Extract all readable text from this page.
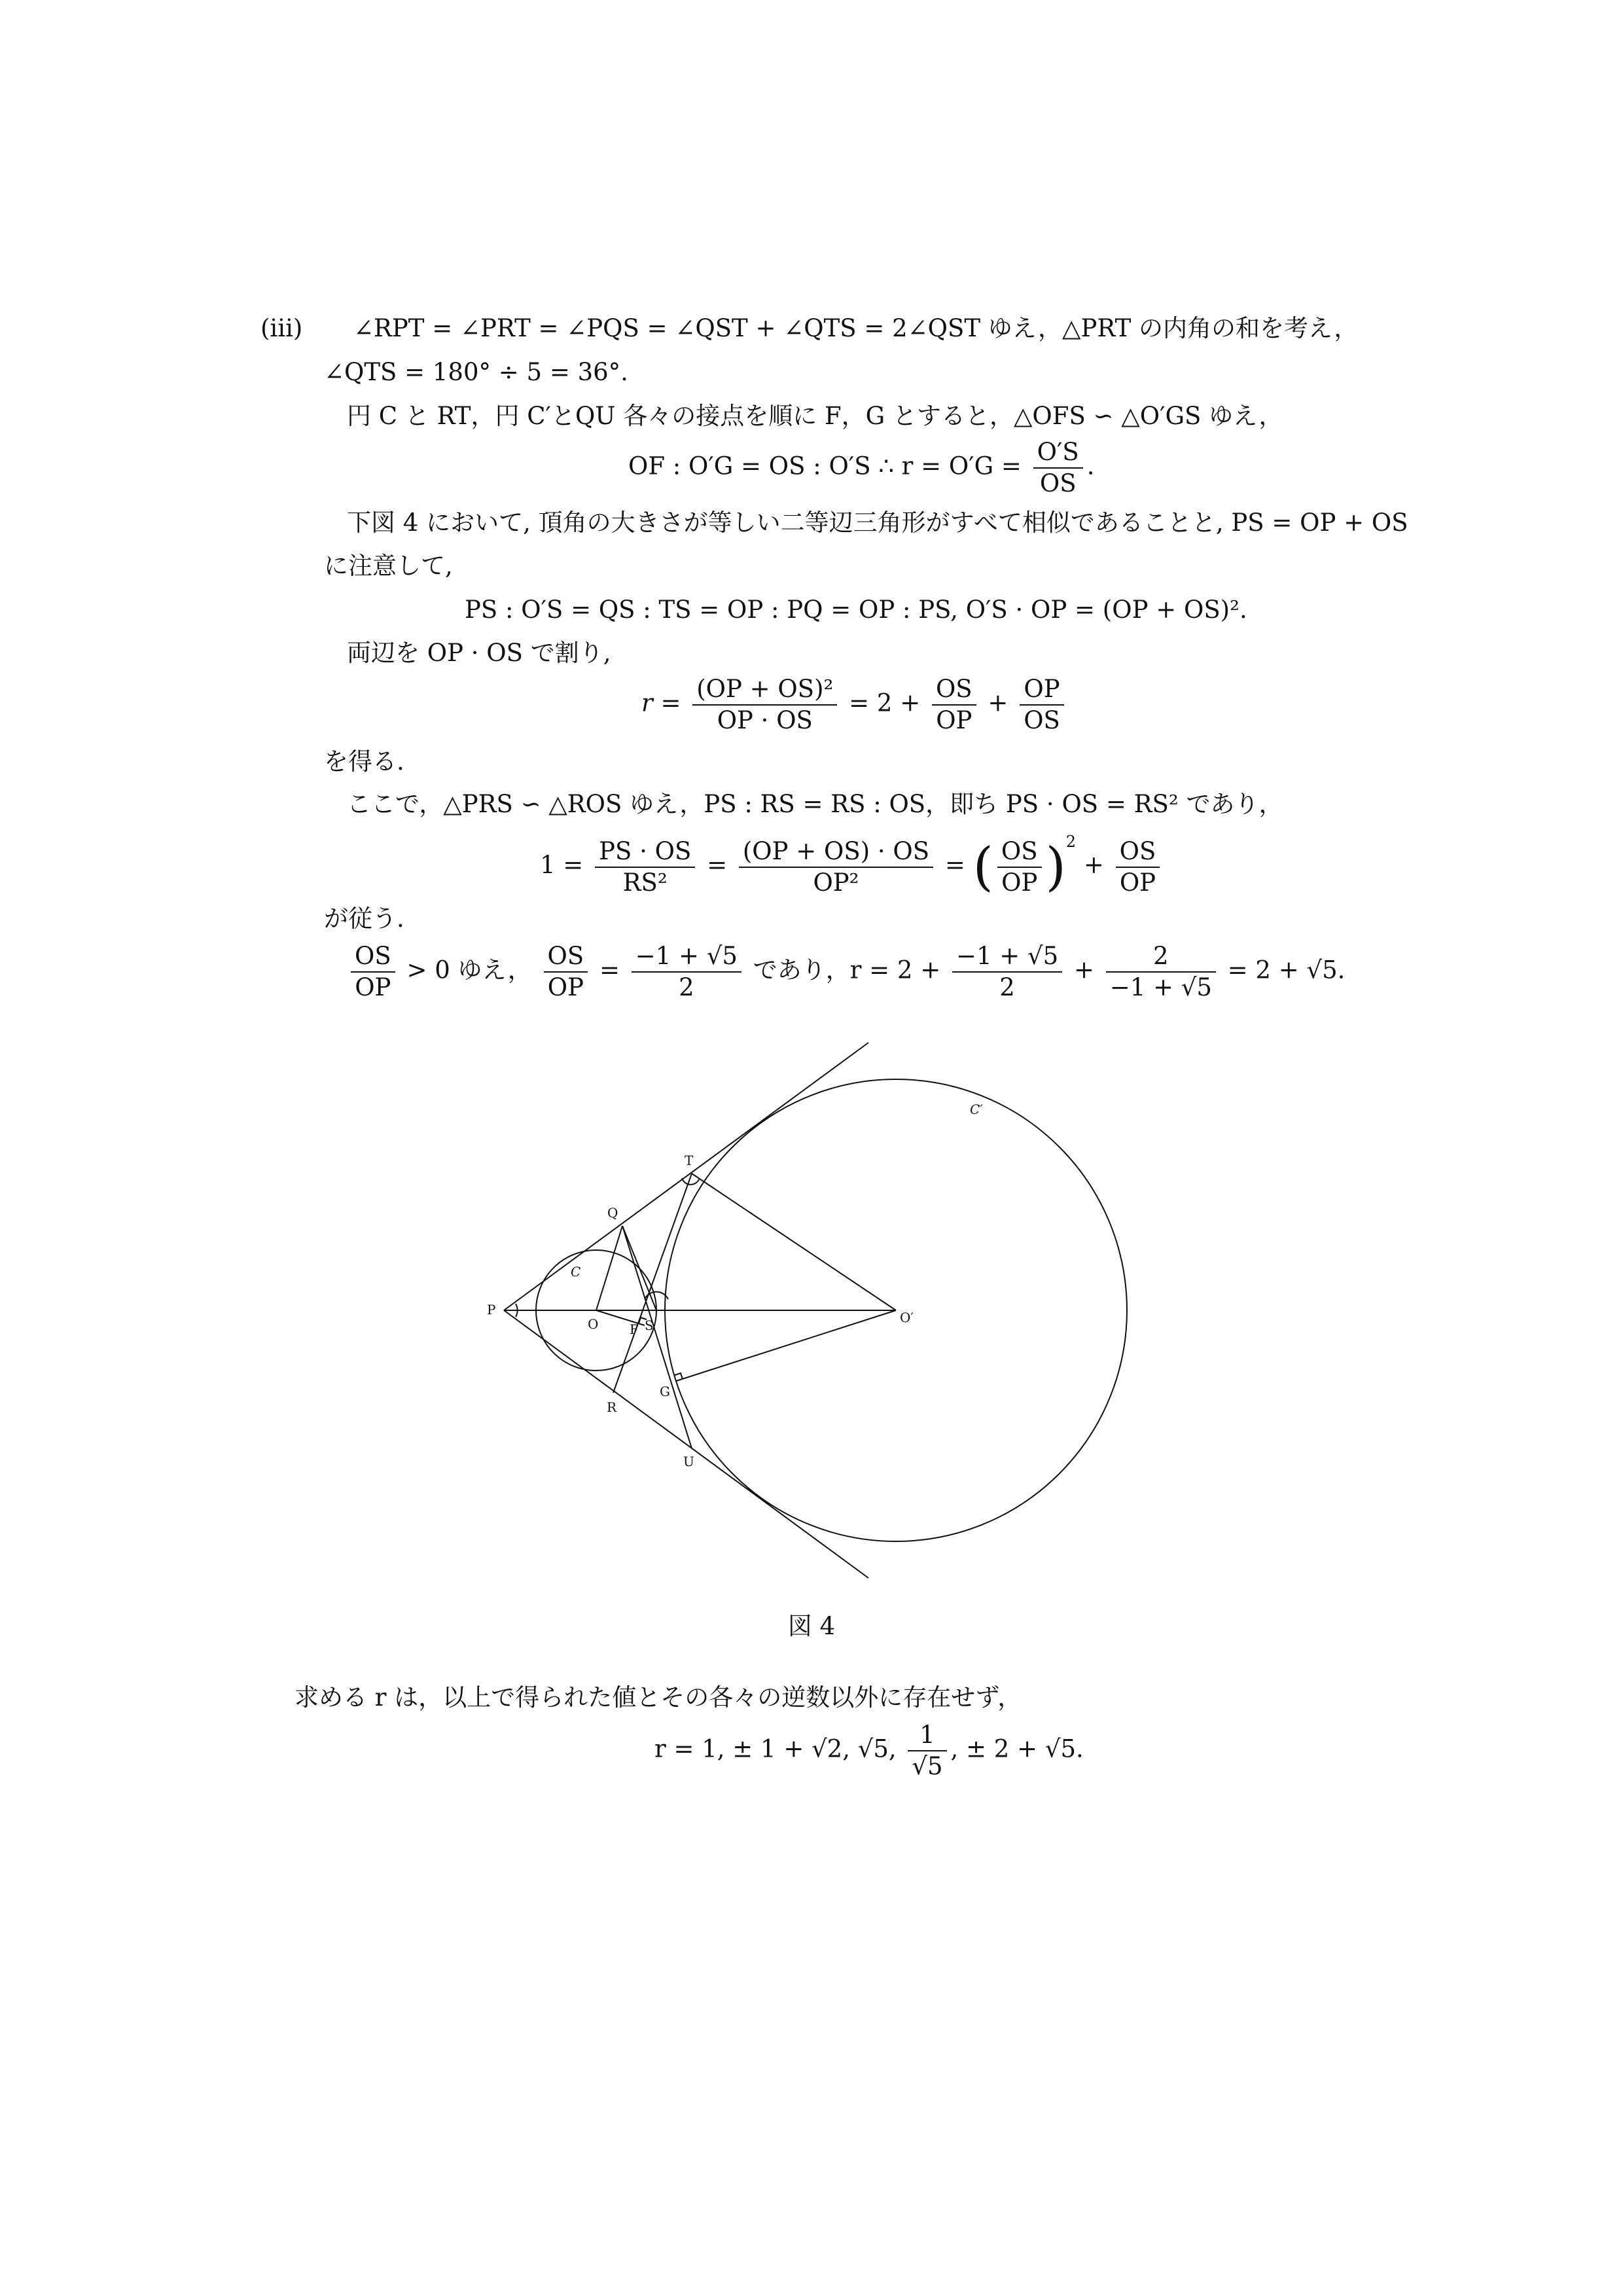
(iii) ∠RPT = ∠PRT = ∠PQS = ∠QST + ∠QTS = 2∠QST ゆえ，△PRT の内角の和を考え，
∠QTS = 180° ÷ 5 = 36°.
円 C と RT，円 C′とQU 各々の接点を順に F，G とすると，△OFS ∽ △O′GS ゆえ，
OF : O′G = OS : O′S ∴ $r = O'G = \frac{O'S}{OS}$ .
下図 4 において, 頂角の大きさが等しい二等辺三角形がすべて相似であることと, PS = OP + OS
に注意して,
PS : O′S = QS : TS = OP : PQ = OP : PS, O′S · OP = (OP + OS)².
両辺を OP · OS で割り,
$r = \frac{\text{(OP + OS)²}}{OP \cdot OS} = 2 + \frac{OS}{OP} + \frac{OP}{OS}$
を得る.
ここで，△PRS ∽ △ROS ゆえ，PS : RS = RS : OS，即ち PS · OS = RS² であり，
$1 = \frac{PS \cdot OS}{\text{RS²}} = \frac{(OP + OS) \cdot OS}{\text{OP²}}$ = ( $\frac{OS}{OP} )^2 + \frac{OS}{OP}$
が従う.
$\frac{OS}{OP} > 0$ ゆえ， $\frac{OS}{OP} = \frac{-1 + √5}{2}$ であり，$r = 2 + \frac{-1 + √5}{2} + \frac{2}{-1 + √5} = 2 + √5$.
P
Q
T
O F S
R
G
U
O′
C
C′
図 4
求める r は，以上で得られた値とその各々の逆数以外に存在せず，
r = 1, ± 1 + √2, √5, $\frac{1}{√5}$ , ± 2 + √5.
